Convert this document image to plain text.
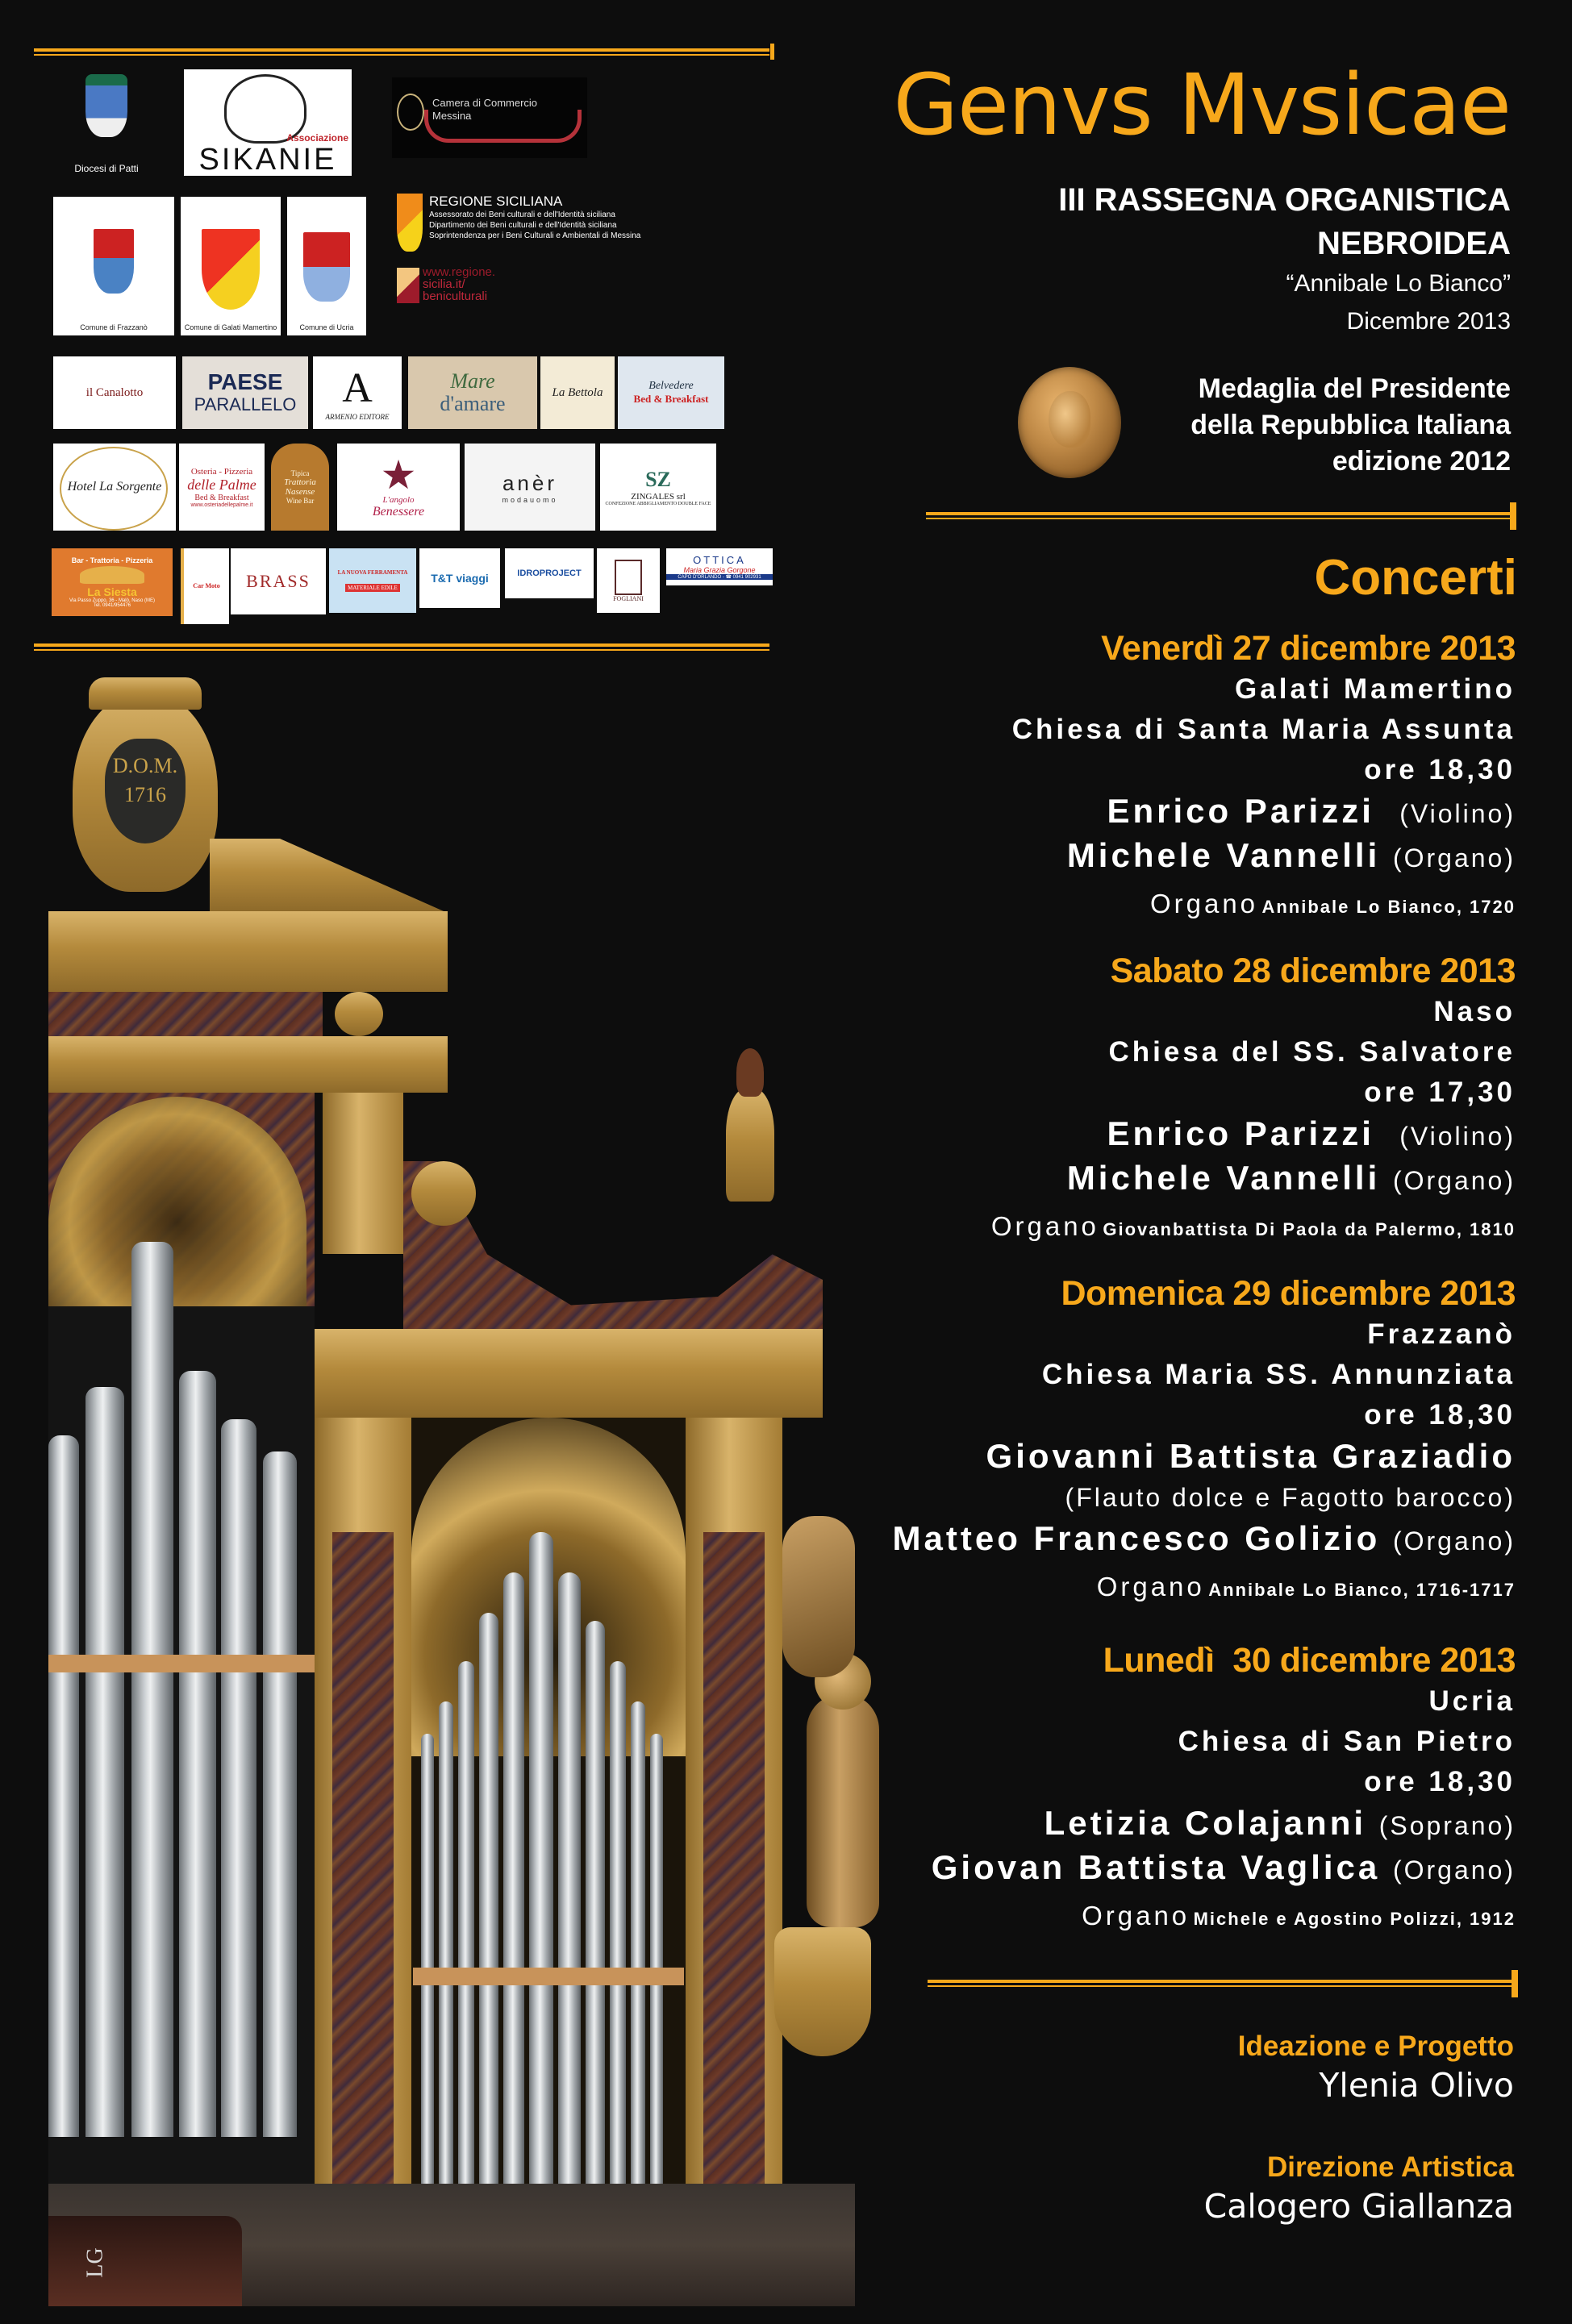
Diocesi di Patti
Associazione
SIKANIE
Camera di Commercio
Messina
Comune di Frazzanò	Comune di Galati Mamertino	Comune di Ucria
REGIONE SICILIANA
Assessorato dei Beni culturali e dell'Identità siciliana
Dipartimento dei Beni culturali e dell'Identità siciliana
Soprintendenza per i Beni Culturali e Ambientali di Messina
www.regione.
sicilia.it/
beniculturali
il Canalotto	PAESE
PARALLELO A
ARMENIO EDITORE
Mare
d'amare	La Bettola
Belvedere
Bed & Breakfast
Hotel La Sorgente
Osteria - Pizzeria
delle Palme
Bed & Breakfast
www.osteriadellepalme.it
Tipica
Trattoria Nasense
Wine Bar
★
L'angolo
Benessere
anèr
modauomo
SZ
ZINGALES srl
CONFEZIONE ABBIGLIAMENTO DOUBLE FACE
Bar - Trattoria - Pizzeria
La Siesta
Via Passo Zuppo, 36 - Malò, Naso (ME)
Tel. 0941/954476
Car Moto BRASS	LA NUOVA FERRAMENTA
MATERIALE EDILE
T&T viaggi	IDROPROJECT
FOGLIANI
OTTICA
Maria Grazia Gorgone
CAPO D'ORLANDO - ☎ 0941 902931
D.O.M.
1716
LG
Genvs Mvsicae
III RASSEGNA ORGANISTICA
NEBROIDEA
“Annibale Lo Bianco”
Dicembre 2013
Medaglia del Presidente
della Repubblica Italiana
edizione 2012
Concerti
Venerdì 27 dicembre 2013
Galati Mamertino
Chiesa di Santa Maria Assunta
ore 18,30
Enrico Parizzi (Violino)
Michele Vannelli (Organo)
Organo Annibale Lo Bianco, 1720
Sabato 28 dicembre 2013
Naso
Chiesa del SS. Salvatore
ore 17,30
Enrico Parizzi (Violino)
Michele Vannelli (Organo)
Organo Giovanbattista Di Paola da Palermo, 1810
Domenica 29 dicembre 2013
Frazzanò
Chiesa Maria SS. Annunziata
ore 18,30
Giovanni Battista Graziadio
(Flauto dolce e Fagotto barocco)
Matteo Francesco Golizio (Organo)
Organo Annibale Lo Bianco, 1716-1717
Lunedì  30 dicembre 2013
Ucria
Chiesa di San Pietro
ore 18,30
Letizia Colajanni (Soprano)
Giovan Battista Vaglica (Organo)
Organo Michele e Agostino Polizzi, 1912
Ideazione e Progetto
Ylenia Olivo
Direzione Artistica
Calogero Giallanza
